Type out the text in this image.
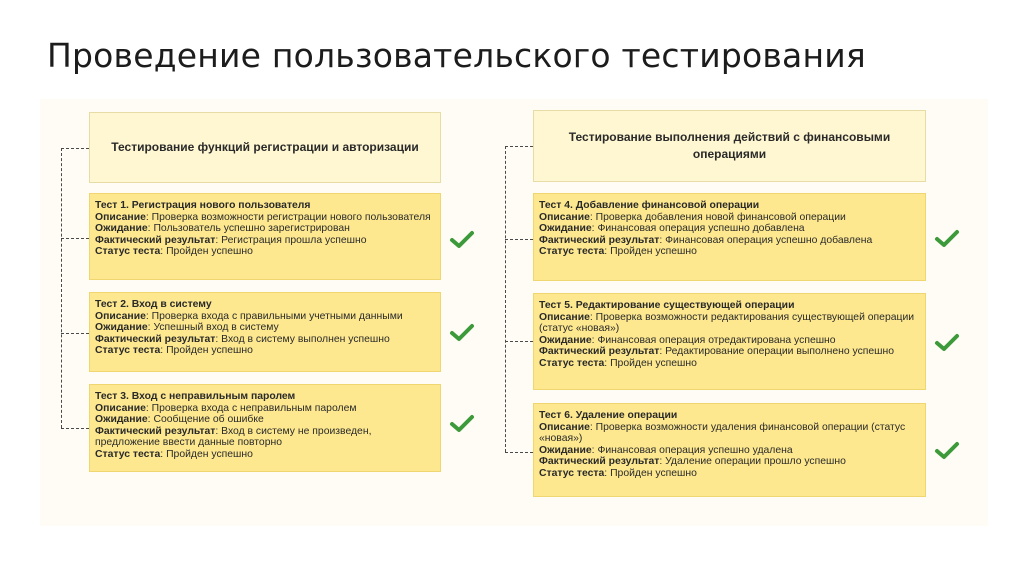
Проведение пользовательского тестирования
Тестирование функций регистрации и авторизации
Тестирование выполнения действий с финансовыми операциями
Тест 1. Регистрация нового пользователя
Описание: Проверка возможности регистрации нового пользователя
Ожидание: Пользователь успешно зарегистрирован
Фактический результат: Регистрация прошла успешно
Статус теста: Пройден успешно
Тест 2. Вход в систему
Описание: Проверка входа с правильными учетными данными
Ожидание: Успешный вход в систему
Фактический результат: Вход в систему выполнен успешно
Статус теста: Пройден успешно
Тест 3. Вход с неправильным паролем
Описание: Проверка входа с неправильным паролем
Ожидание: Сообщение об ошибке
Фактический результат: Вход в систему не произведен, предложение ввести данные повторно
Статус теста: Пройден успешно
Тест 4. Добавление финансовой операции
Описание: Проверка добавления новой финансовой операции
Ожидание: Финансовая операция успешно добавлена
Фактический результат: Финансовая операция успешно добавлена
Статус теста: Пройден успешно
Тест 5. Редактирование существующей операции
Описание: Проверка возможности редактирования существующей операции (статус «новая»)
Ожидание: Финансовая операция отредактирована успешно
Фактический результат: Редактирование операции выполнено успешно
Статус теста: Пройден успешно
Тест 6. Удаление операции
Описание: Проверка возможности удаления финансовой операции (статус «новая»)
Ожидание: Финансовая операция успешно удалена
Фактический результат: Удаление операции прошло успешно
Статус теста: Пройден успешно
